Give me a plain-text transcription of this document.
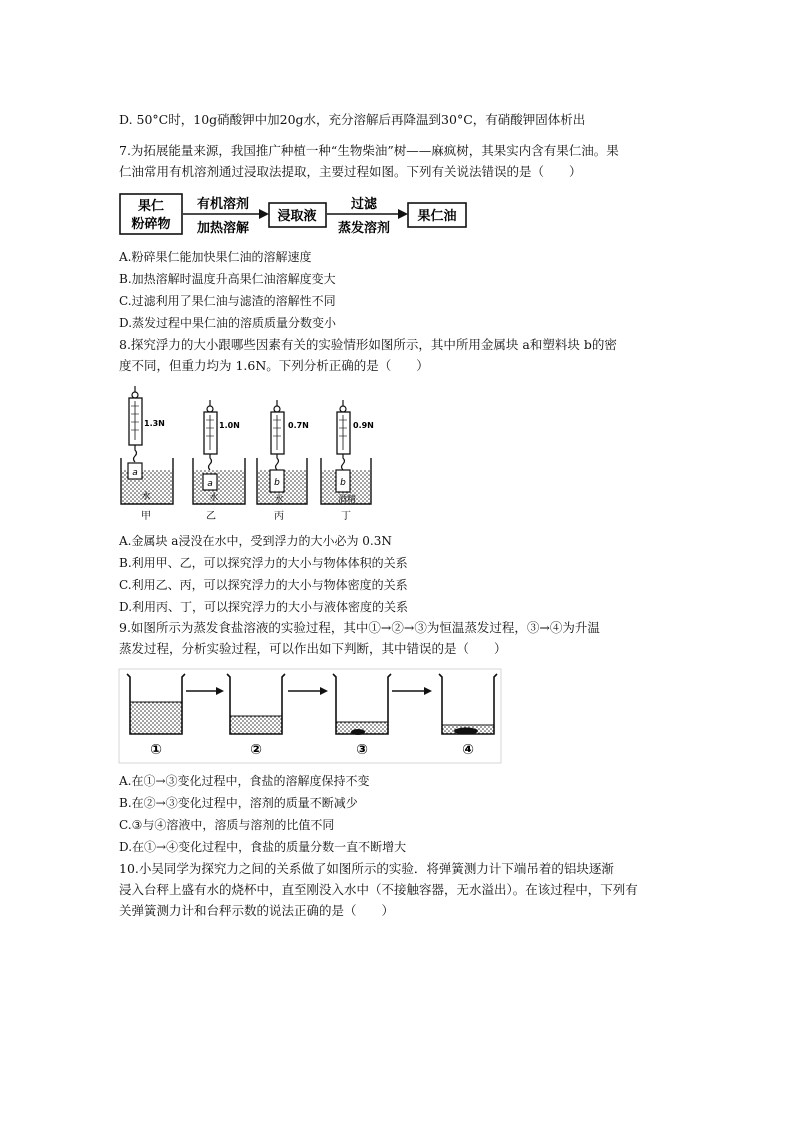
D. 50°C时，10g硝酸钾中加20g水，充分溶解后再降温到30°C，有硝酸钾固体析出
7.为拓展能量来源，我国推广种植一种“生物柴油”树——麻疯树，其果实内含有果仁油。果
仁油常用有机溶剂通过浸取法提取，主要过程如图。下列有关说法错误的是（　　）
果仁
粉碎物
有机溶剂
加热溶解
浸取液
过滤
蒸发溶剂
果仁油
A.粉碎果仁能加快果仁油的溶解速度
B.加热溶解时温度升高果仁油溶解度变大
C.过滤利用了果仁油与滤渣的溶解性不同
D.蒸发过程中果仁油的溶质质量分数变小
8.探究浮力的大小跟哪些因素有关的实验情形如图所示，其中所用金属块 a和塑料块 b的密
度不同，但重力均为 1.6N。下列分析正确的是（　　）
a
1.3N
水
甲
a
1.0N
水
乙
b
0.7N
水
丙
b
0.9N
酒精
丁
A.金属块 a浸没在水中，受到浮力的大小必为 0.3N
B.利用甲、乙，可以探究浮力的大小与物体体积的关系
C.利用乙、丙，可以探究浮力的大小与物体密度的关系
D.利用丙、丁，可以探究浮力的大小与液体密度的关系
9.如图所示为蒸发食盐溶液的实验过程，其中①→②→③为恒温蒸发过程，③→④为升温
蒸发过程，分析实验过程，可以作出如下判断，其中错误的是（　　）
①	②	③	④
A.在①→③变化过程中，食盐的溶解度保持不变
B.在②→③变化过程中，溶剂的质量不断减少
C.③与④溶液中，溶质与溶剂的比值不同
D.在①→④变化过程中，食盐的质量分数一直不断增大
10.小吴同学为探究力之间的关系做了如图所示的实验．将弹簧测力计下端吊着的铝块逐渐
浸入台秤上盛有水的烧杯中，直至刚没入水中（不接触容器，无水溢出）。在该过程中，下列有
关弹簧测力计和台秤示数的说法正确的是（　　）
